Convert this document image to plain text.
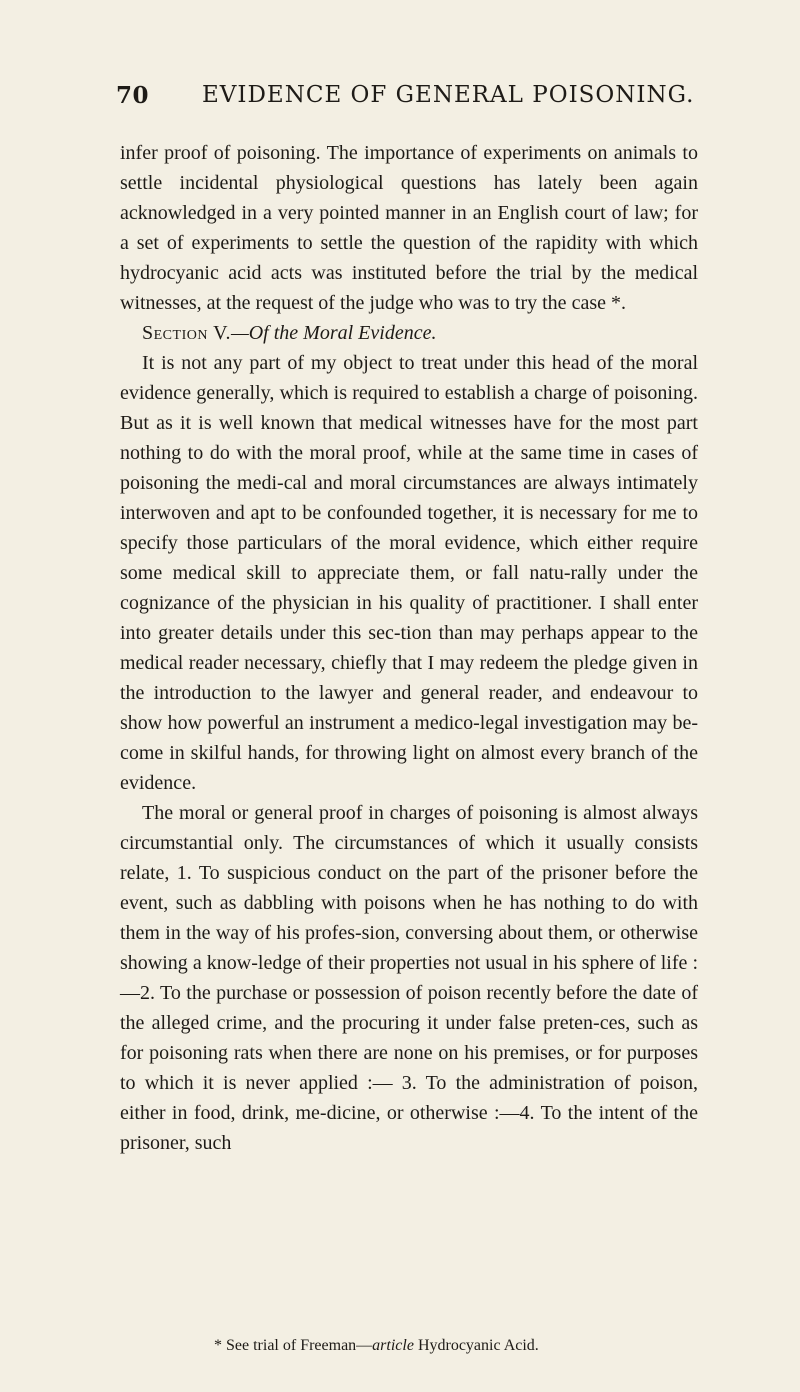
70 EVIDENCE OF GENERAL POISONING.

infer proof of poisoning. The importance of experiments on animals to settle incidental physiological questions has lately been again acknowledged in a very pointed manner in an English court of law; for a set of experiments to settle the question of the rapidity with which hydrocyanic acid acts was instituted before the trial by the medical witnesses, at the request of the judge who was to try the case *.

Section V.—Of the Moral Evidence.

It is not any part of my object to treat under this head of the moral evidence generally, which is required to establish a charge of poisoning. But as it is well known that medical witnesses have for the most part nothing to do with the moral proof, while at the same time in cases of poisoning the medi-cal and moral circumstances are always intimately interwoven and apt to be confounded together, it is necessary for me to specify those particulars of the moral evidence, which either require some medical skill to appreciate them, or fall natu-rally under the cognizance of the physician in his quality of practitioner. I shall enter into greater details under this sec-tion than may perhaps appear to the medical reader necessary, chiefly that I may redeem the pledge given in the introduction to the lawyer and general reader, and endeavour to show how powerful an instrument a medico-legal investigation may be-come in skilful hands, for throwing light on almost every branch of the evidence.

The moral or general proof in charges of poisoning is almost always circumstantial only. The circumstances of which it usually consists relate, 1. To suspicious conduct on the part of the prisoner before the event, such as dabbling with poisons when he has nothing to do with them in the way of his profes-sion, conversing about them, or otherwise showing a know-ledge of their properties not usual in his sphere of life :—2. To the purchase or possession of poison recently before the date of the alleged crime, and the procuring it under false preten-ces, such as for poisoning rats when there are none on his premises, or for purposes to which it is never applied :— 3. To the administration of poison, either in food, drink, me-dicine, or otherwise :—4. To the intent of the prisoner, such

* See trial of Freeman—article Hydrocyanic Acid.
